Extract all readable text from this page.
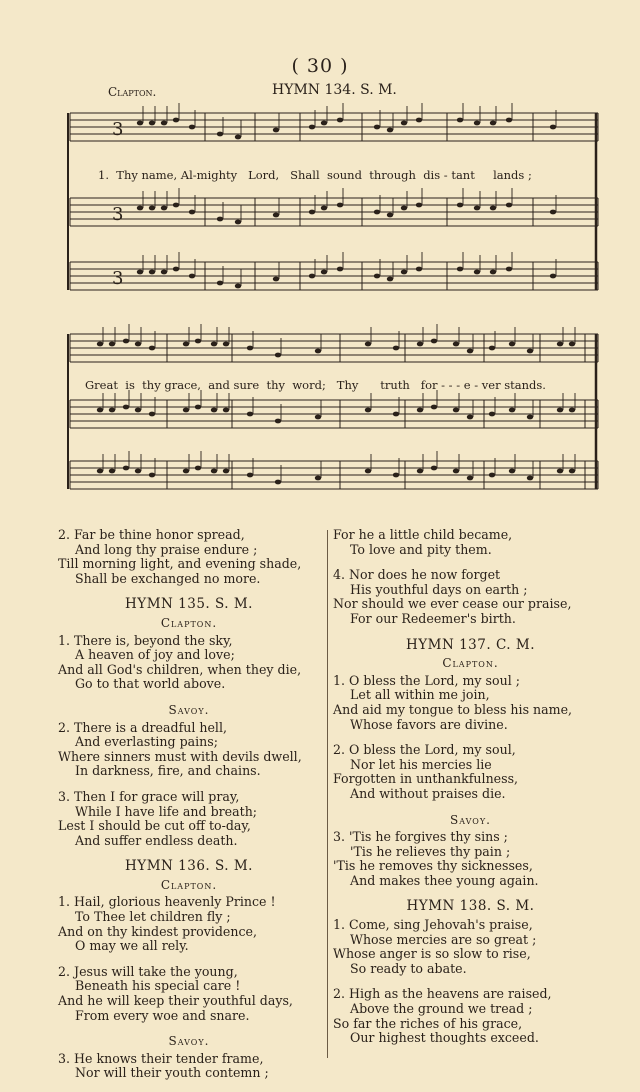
( 30 )
Clapton.	HYMN 134. S. M.
3
3
3
1.  Thy name, Al-mighty   Lord,   Shall  sound  through  dis - tant     lands ;
Great  is  thy grace,  and sure  thy  word;   Thy      truth   for - - - e - ver stands.
2. Far be thine honor spread,
And long thy praise endure ;
Till morning light, and evening shade,
Shall be exchanged no more.
HYMN 135. S. M.
Clapton.
1. There is, beyond the sky,
A heaven of joy and love;
And all God's children, when they die,
Go to that world above.
Savoy.
2. There is a dreadful hell,
And everlasting pains;
Where sinners must with devils dwell,
In darkness, fire, and chains.
3. Then I for grace will pray,
While I have life and breath;
Lest I should be cut off to-day,
And suffer endless death.
HYMN 136. S. M.
Clapton.
1. Hail, glorious heavenly Prince !
To Thee let children fly ;
And on thy kindest providence,
O may we all rely.
2. Jesus will take the young,
Beneath his special care !
And he will keep their youthful days,
From every woe and snare.
Savoy.
3. He knows their tender frame,
Nor will their youth contemn ;
For he a little child became,
To love and pity them.
4. Nor does he now forget
His youthful days on earth ;
Nor should we ever cease our praise,
For our Redeemer's birth.
HYMN 137. C. M.
Clapton.
1. O bless the Lord, my soul ;
Let all within me join,
And aid my tongue to bless his name,
Whose favors are divine.
2. O bless the Lord, my soul,
Nor let his mercies lie
Forgotten in unthankfulness,
And without praises die.
Savoy.
3. 'Tis he forgives thy sins ;
'Tis he relieves thy pain ;
'Tis he removes thy sicknesses,
And makes thee young again.
HYMN 138. S. M.
1. Come, sing Jehovah's praise,
Whose mercies are so great ;
Whose anger is so slow to rise,
So ready to abate.
2. High as the heavens are raised,
Above the ground we tread ;
So far the riches of his grace,
Our highest thoughts exceed.
